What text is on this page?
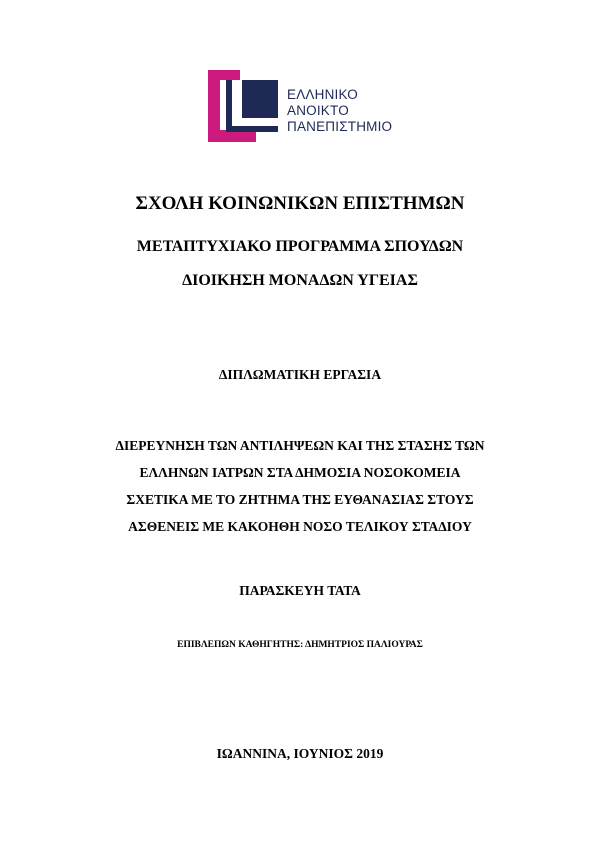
ΕΛΛΗΝΙΚΟ
ΑΝΟΙΚΤΟ
ΠΑΝΕΠΙΣΤΗΜΙΟ
ΣΧΟΛΗ ΚΟΙΝΩΝΙΚΩΝ ΕΠΙΣΤΗΜΩΝ
ΜΕΤΑΠΤΥΧΙΑΚΟ ΠΡΟΓΡΑΜΜΑ ΣΠΟΥΔΩΝ
ΔΙΟΙΚΗΣΗ ΜΟΝΑΔΩΝ ΥΓΕΙΑΣ
ΔΙΠΛΩΜΑΤΙΚΗ ΕΡΓΑΣΙΑ
ΔΙΕΡΕΥΝΗΣΗ ΤΩΝ ΑΝΤΙΛΗΨΕΩΝ ΚΑΙ ΤΗΣ ΣΤΑΣΗΣ ΤΩΝ
ΕΛΛΗΝΩΝ ΙΑΤΡΩΝ ΣΤΑ ΔΗΜΟΣΙΑ ΝΟΣΟΚΟΜΕΙΑ
ΣΧΕΤΙΚΑ ΜΕ ΤΟ ΖΗΤΗΜΑ ΤΗΣ ΕΥΘΑΝΑΣΙΑΣ ΣΤΟΥΣ
ΑΣΘΕΝΕΙΣ ΜΕ ΚΑΚΟΗΘΗ ΝΟΣΟ ΤΕΛΙΚΟΥ ΣΤΑΔΙΟΥ
ΠΑΡΑΣΚΕΥΗ ΤΑΤΑ
ΕΠΙΒΛΕΠΩΝ ΚΑΘΗΓΗΤΗΣ: ΔΗΜΗΤΡΙΟΣ ΠΑΛΙΟΥΡΑΣ
ΙΩΑΝΝΙΝΑ, ΙΟΥΝΙΟΣ 2019
